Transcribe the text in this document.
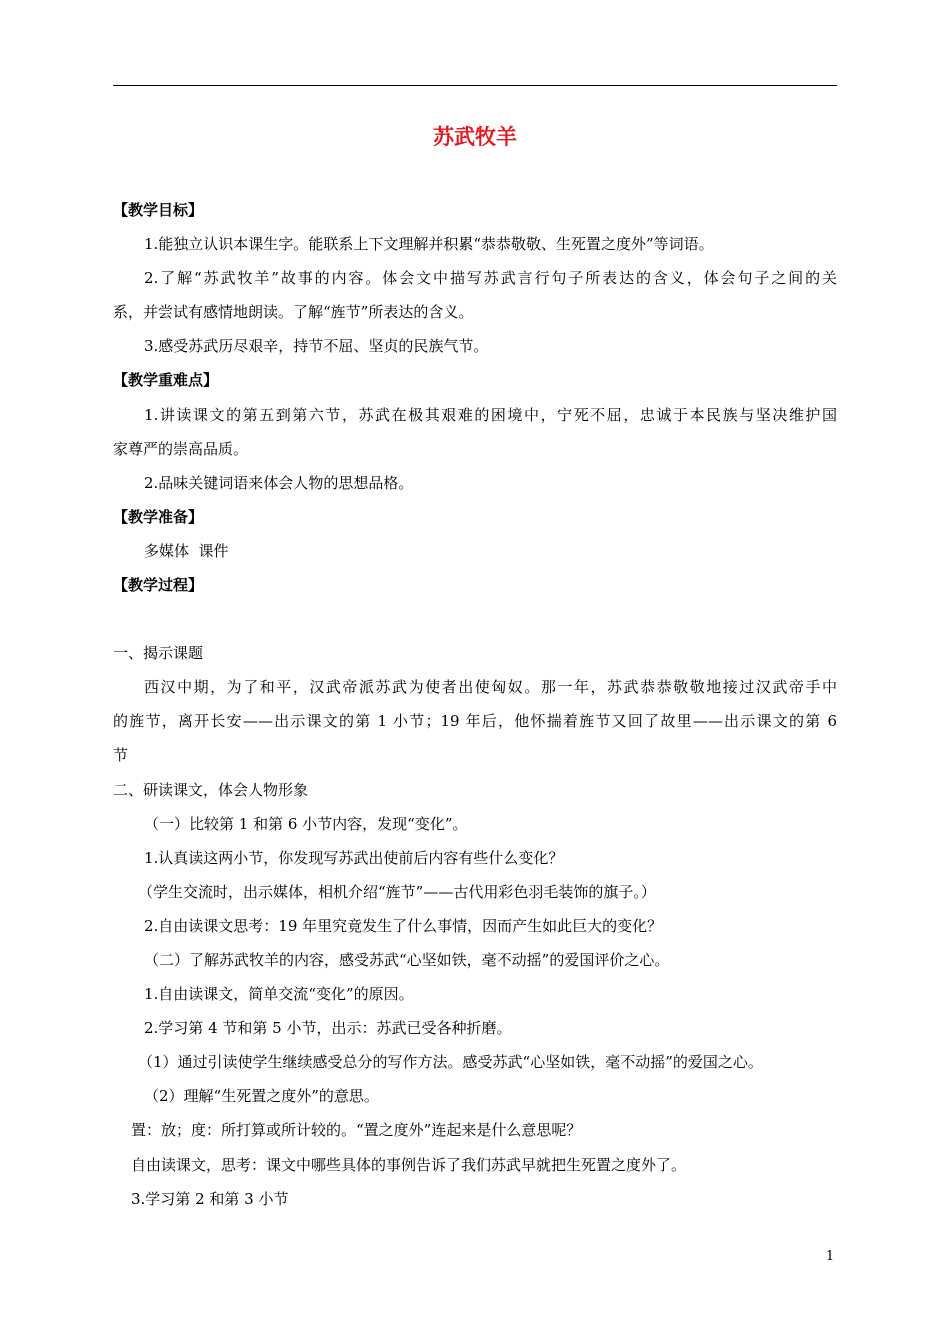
苏武牧羊
【教学目标】
1.能独立认识本课生字。能联系上下文理解并积累“恭恭敬敬、生死置之度外”等词语。
2.了解“苏武牧羊”故事的内容。体会文中描写苏武言行句子所表达的含义，体会句子之间的关
系，并尝试有感情地朗读。了解“旌节”所表达的含义。
3.感受苏武历尽艰辛，持节不屈、坚贞的民族气节。
【教学重难点】
1.讲读课文的第五到第六节，苏武在极其艰难的困境中，宁死不屈，忠诚于本民族与坚决维护国
家尊严的崇高品质。
2.品味关键词语来体会人物的思想品格。
【教学准备】
多媒体  课件
【教学过程】
一、揭示课题
西汉中期，为了和平，汉武帝派苏武为使者出使匈奴。那一年，苏武恭恭敬敬地接过汉武帝手中
的旌节，离开长安——出示课文的第 1 小节；19 年后，他怀揣着旌节又回了故里——出示课文的第 6
节
二、研读课文，体会人物形象
（一）比较第 1 和第 6 小节内容，发现“变化”。
1.认真读这两小节，你发现写苏武出使前后内容有些什么变化？
（学生交流时，出示媒体，相机介绍“旌节”——古代用彩色羽毛装饰的旗子。）
2.自由读课文思考：19 年里究竟发生了什么事情，因而产生如此巨大的变化？
（二）了解苏武牧羊的内容，感受苏武“心坚如铁，毫不动摇”的爱国评价之心。
1.自由读课文，简单交流“变化”的原因。
2.学习第 4 节和第 5 小节，出示：苏武已受各种折磨。
（1）通过引读使学生继续感受总分的写作方法。感受苏武“心坚如铁，毫不动摇”的爱国之心。
（2）理解“生死置之度外”的意思。
置：放；度：所打算或所计较的。“置之度外”连起来是什么意思呢？
自由读课文，思考：课文中哪些具体的事例告诉了我们苏武早就把生死置之度外了。
3.学习第 2 和第 3 小节
1
